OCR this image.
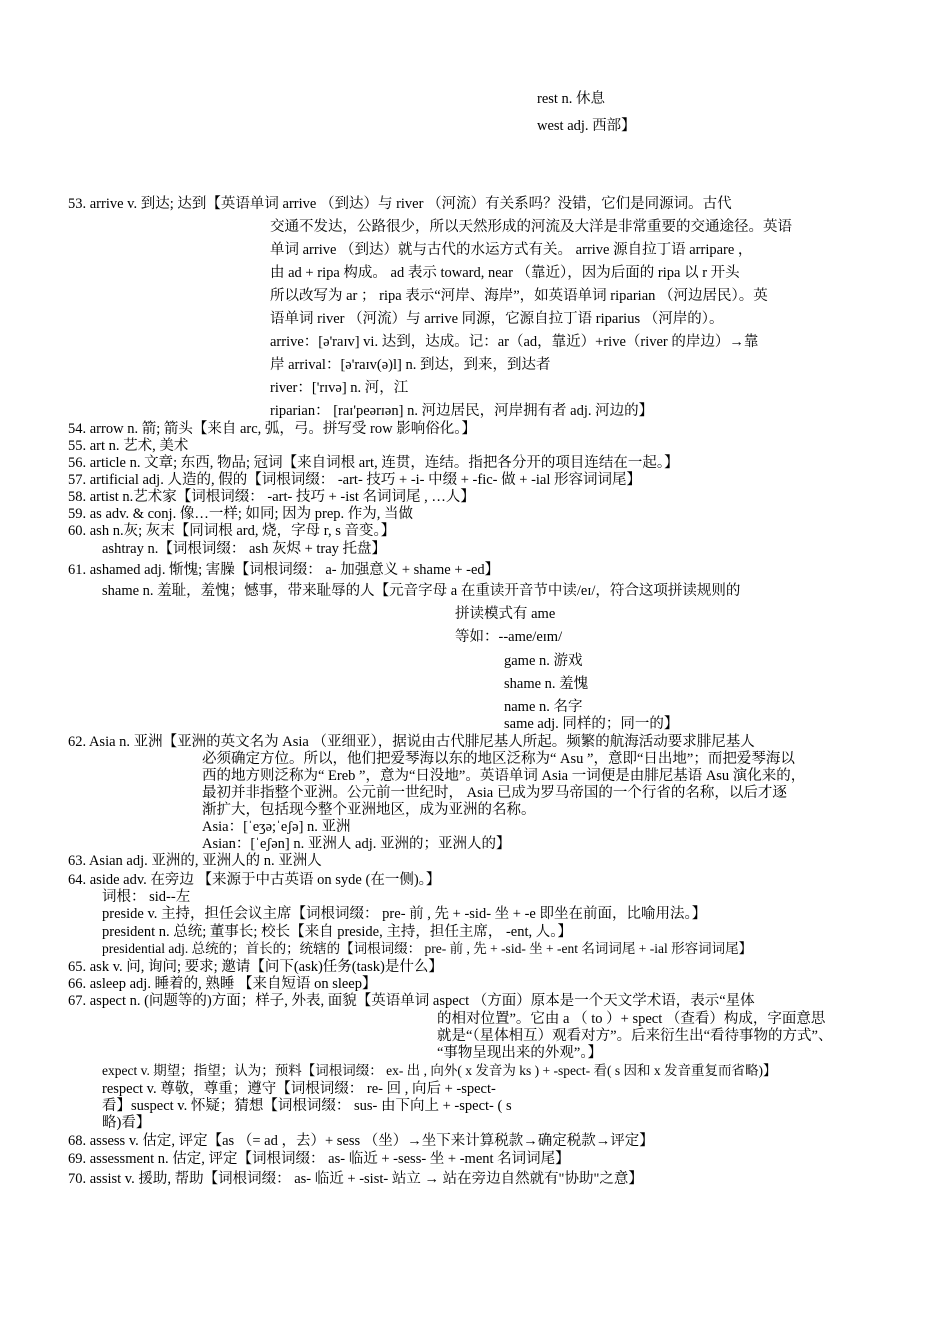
rest n. 休息
west adj. 西部】
53. arrive v. 到达; 达到【英语单词 arrive （到达）与 river （河流）有关系吗？没错，它们是同源词。古代
交通不发达，公路很少，所以天然形成的河流及大洋是非常重要的交通途径。英语
单词 arrive （到达）就与古代的水运方式有关。 arrive 源自拉丁语 arripare ，
由 ad + ripa 构成。 ad 表示 toward, near （靠近），因为后面的 ripa 以 r 开头
所以改写为 ar ； ripa 表示“河岸、海岸”，如英语单词 riparian （河边居民）。英
语单词 river （河流）与 arrive 同源，它源自拉丁语 riparius （河岸的）。
arrive：[ə'raɪv] vi. 达到，达成。记：ar（ad，靠近）+rive（river 的岸边）→靠
岸 arrival：[ə'raɪv(ə)l] n. 到达，到来，到达者
river：['rɪvə] n. 河，江
riparian： [raɪ'peərɪən] n. 河边居民，河岸拥有者 adj. 河边的】
54. arrow n. 箭; 箭头【来自 arc, 弧，弓。拼写受 row 影响俗化。】
55. art n. 艺术, 美术
56. article n. 文章; 东西, 物品; 冠词【来自词根 art, 连贯，连结。指把各分开的项目连结在一起。】
57. artificial adj. 人造的, 假的【词根词缀： -art- 技巧 + -i- 中缀 + -fic- 做 + -ial 形容词词尾】
58. artist n.艺术家【词根词缀： -art- 技巧 + -ist 名词词尾 , …人】
59. as adv. & conj. 像…一样; 如同; 因为 prep. 作为, 当做
60. ash n.灰; 灰末【同词根 ard, 烧，字母 r, s 音变。】
ashtray n.【词根词缀： ash 灰烬 + tray 托盘】
61. ashamed adj. 惭愧; 害臊【词根词缀： a- 加强意义 + shame + -ed】
shame n. 羞耻，羞愧；憾事，带来耻辱的人【元音字母 a 在重读开音节中读/eɪ/，符合这项拼读规则的
拼读模式有 ame
等如：--ame/eɪm/
game n. 游戏
shame n. 羞愧
name n. 名字
same adj. 同样的；同一的】
62. Asia n. 亚洲【亚洲的英文名为 Asia （亚细亚），据说由古代腓尼基人所起。频繁的航海活动要求腓尼基人
必须确定方位。所以，他们把爱琴海以东的地区泛称为“ Asu ”，意即“日出地”；而把爱琴海以
西的地方则泛称为“ Ereb ”，意为“日没地”。英语单词 Asia 一词便是由腓尼基语 Asu 演化来的，
最初并非指整个亚洲。公元前一世纪时， Asia 已成为罗马帝国的一个行省的名称，以后才逐
渐扩大，包括现今整个亚洲地区，成为亚洲的名称。
Asia：[ˈeʒə;ˈeʃə] n. 亚洲
Asian：[ˈeʃən] n. 亚洲人 adj. 亚洲的；亚洲人的】
63. Asian adj. 亚洲的, 亚洲人的 n. 亚洲人
64. aside adv. 在旁边 【来源于中古英语 on syde (在一侧)。】
词根： sid--左
preside v. 主持，担任会议主席【词根词缀： pre- 前 , 先 + -sid- 坐 + -e 即坐在前面，比喻用法。】
president n. 总统; 董事长; 校长【来自 preside, 主持，担任主席， -ent, 人。】
presidential adj. 总统的；首长的；统辖的【词根词缀： pre- 前 , 先 + -sid- 坐 + -ent 名词词尾 + -ial 形容词词尾】
65. ask v. 问, 询问; 要求; 邀请【问下(ask)任务(task)是什么】
66. asleep adj. 睡着的, 熟睡 【来自短语 on sleep】
67. aspect n. (问题等的)方面；样子, 外表, 面貌【英语单词 aspect （方面）原本是一个天文学术语，表示“星体
的相对位置”。它由 a （ to ）+ spect （查看）构成，字面意思
就是“（星体相互）观看对方”。后来衍生出“看待事物的方式”、
“事物呈现出来的外观”。】
expect v. 期望；指望；认为；预料【词根词缀： ex- 出 , 向外( x 发音为 ks ) + -spect- 看( s 因和 x 发音重复而省略)】
respect v. 尊敬，尊重；遵守【词根词缀： re- 回 , 向后 + -spect-
看】suspect v. 怀疑；猜想【词根词缀： sus- 由下向上 + -spect- ( s
略)看】
68. assess v. 估定, 评定【as （= ad ，去）+ sess （坐）→坐下来计算税款→确定税款→评定】
69. assessment n. 估定, 评定【词根词缀： as- 临近 + -sess- 坐 + -ment 名词词尾】
70. assist v. 援助, 帮助【词根词缀： as- 临近 + -sist- 站立 → 站在旁边自然就有"协助"之意】
